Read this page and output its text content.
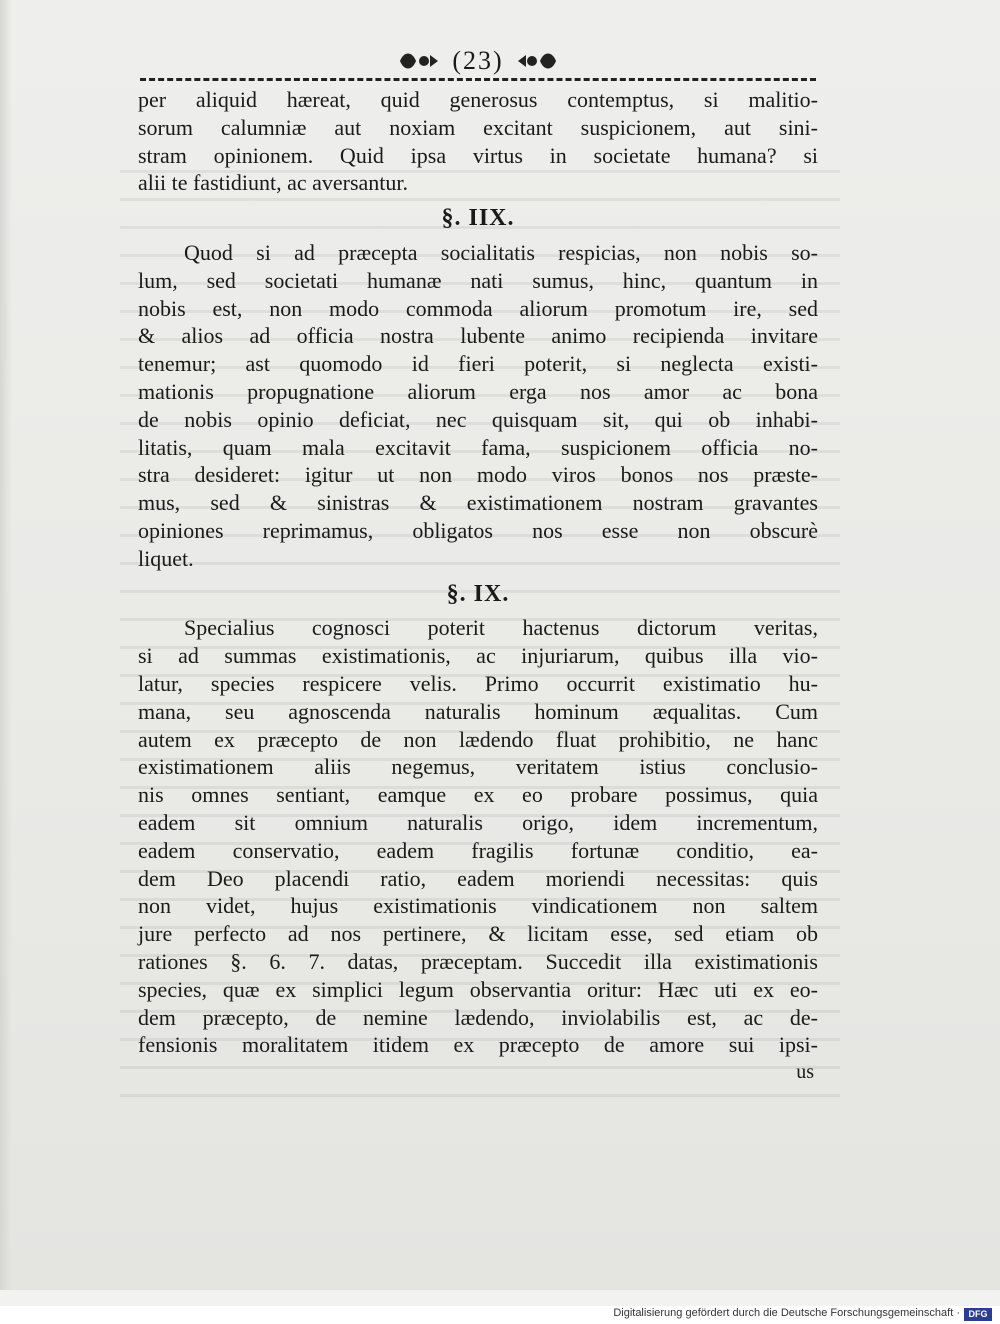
(23)
per aliquid hæreat, quid generosus contemptus, si malitio-
sorum calumniæ aut noxiam excitant suspicionem, aut sini-
stram opinionem. Quid ipsa virtus in societate humana? si
alii te fastidiunt, ac aversantur.
§. IIX.
Quod si ad præcepta socialitatis respicias, non nobis so-
lum, sed societati humanæ nati sumus, hinc, quantum in
nobis est, non modo commoda aliorum promotum ire, sed
& alios ad officia nostra lubente animo recipienda invitare
tenemur; ast quomodo id fieri poterit, si neglecta existi-
mationis propugnatione aliorum erga nos amor ac bona
de nobis opinio deficiat, nec quisquam sit, qui ob inhabi-
litatis, quam mala excitavit fama, suspicionem officia no-
stra desideret: igitur ut non modo viros bonos nos præste-
mus, sed & sinistras & existimationem nostram gravantes
opiniones reprimamus, obligatos nos esse non obscurè
liquet.
§. IX.
Specialius cognosci poterit hactenus dictorum veritas,
si ad summas existimationis, ac injuriarum, quibus illa vio-
latur, species respicere velis. Primo occurrit existimatio hu-
mana, seu agnoscenda naturalis hominum æqualitas. Cum
autem ex præcepto de non lædendo fluat prohibitio, ne hanc
existimationem aliis negemus, veritatem istius conclusio-
nis omnes sentiant, eamque ex eo probare possimus, quia
eadem sit omnium naturalis origo, idem incrementum,
eadem conservatio, eadem fragilis fortunæ conditio, ea-
dem Deo placendi ratio, eadem moriendi necessitas: quis
non videt, hujus existimationis vindicationem non saltem
jure perfecto ad nos pertinere, & licitam esse, sed etiam ob
rationes §. 6. 7. datas, præceptam. Succedit illa existimationis
species, quæ ex simplici legum observantia oritur: Hæc uti ex eo-
dem præcepto, de nemine lædendo, inviolabilis est, ac de-
fensionis moralitatem itidem ex præcepto de amore sui ipsi-
us
Digitalisierung gefördert durch die Deutsche Forschungsgemeinschaft · DFG
